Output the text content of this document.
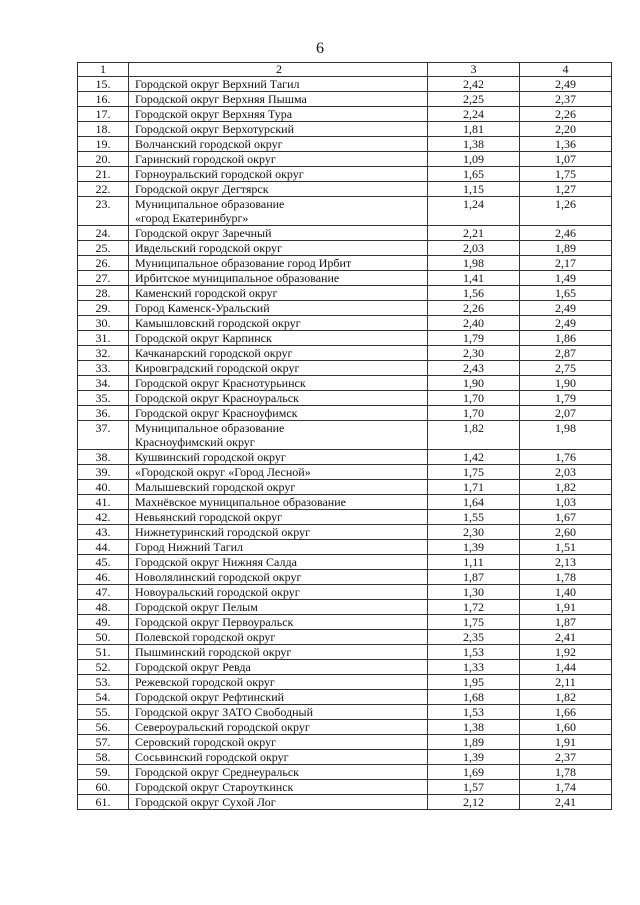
6
1	2	3	4
15.	Городской округ Верхний Тагил	2,42	2,49
16.	Городской округ Верхняя Пышма	2,25	2,37
17.	Городской округ Верхняя Тура	2,24	2,26
18.	Городской округ Верхотурский	1,81	2,20
19.	Волчанский городской округ	1,38	1,36
20.	Гаринский городской округ	1,09	1,07
21.	Горноуральский городской округ	1,65	1,75
22.	Городской округ Дегтярск	1,15	1,27
23.	Муниципальное образование
«город Екатеринбург»	1,24	1,26
24.	Городской округ Заречный	2,21	2,46
25.	Ивдельский городской округ	2,03	1,89
26.	Муниципальное образование город Ирбит	1,98	2,17
27.	Ирбитское муниципальное образование	1,41	1,49
28.	Каменский городской округ	1,56	1,65
29.	Город Каменск-Уральский	2,26	2,49
30.	Камышловский городской округ	2,40	2,49
31.	Городской округ Карпинск	1,79	1,86
32.	Качканарский городской округ	2,30	2,87
33.	Кировградский городской округ	2,43	2,75
34.	Городской округ Краснотурьинск	1,90	1,90
35.	Городской округ Красноуральск	1,70	1,79
36.	Городской округ Красноуфимск	1,70	2,07
37.	Муниципальное образование
Красноуфимский округ	1,82	1,98
38.	Кушвинский городской округ	1,42	1,76
39.	«Городской округ «Город Лесной»	1,75	2,03
40.	Малышевский городской округ	1,71	1,82
41.	Махнёвское муниципальное образование	1,64	1,03
42.	Невьянский городской округ	1,55	1,67
43.	Нижнетуринский городской округ	2,30	2,60
44.	Город Нижний Тагил	1,39	1,51
45.	Городской округ Нижняя Салда	1,11	2,13
46.	Новолялинский городской округ	1,87	1,78
47.	Новоуральский городской округ	1,30	1,40
48.	Городской округ Пелым	1,72	1,91
49.	Городской округ Первоуральск	1,75	1,87
50.	Полевской городской округ	2,35	2,41
51.	Пышминский городской округ	1,53	1,92
52.	Городской округ Ревда	1,33	1,44
53.	Режевской городской округ	1,95	2,11
54.	Городской округ Рефтинский	1,68	1,82
55.	Городской округ ЗАТО Свободный	1,53	1,66
56.	Североуральский городской округ	1,38	1,60
57.	Серовский городской округ	1,89	1,91
58.	Сосьвинский городской округ	1,39	2,37
59.	Городской округ Среднеуральск	1,69	1,78
60.	Городской округ Староуткинск	1,57	1,74
61.	Городской округ Сухой Лог	2,12	2,41
